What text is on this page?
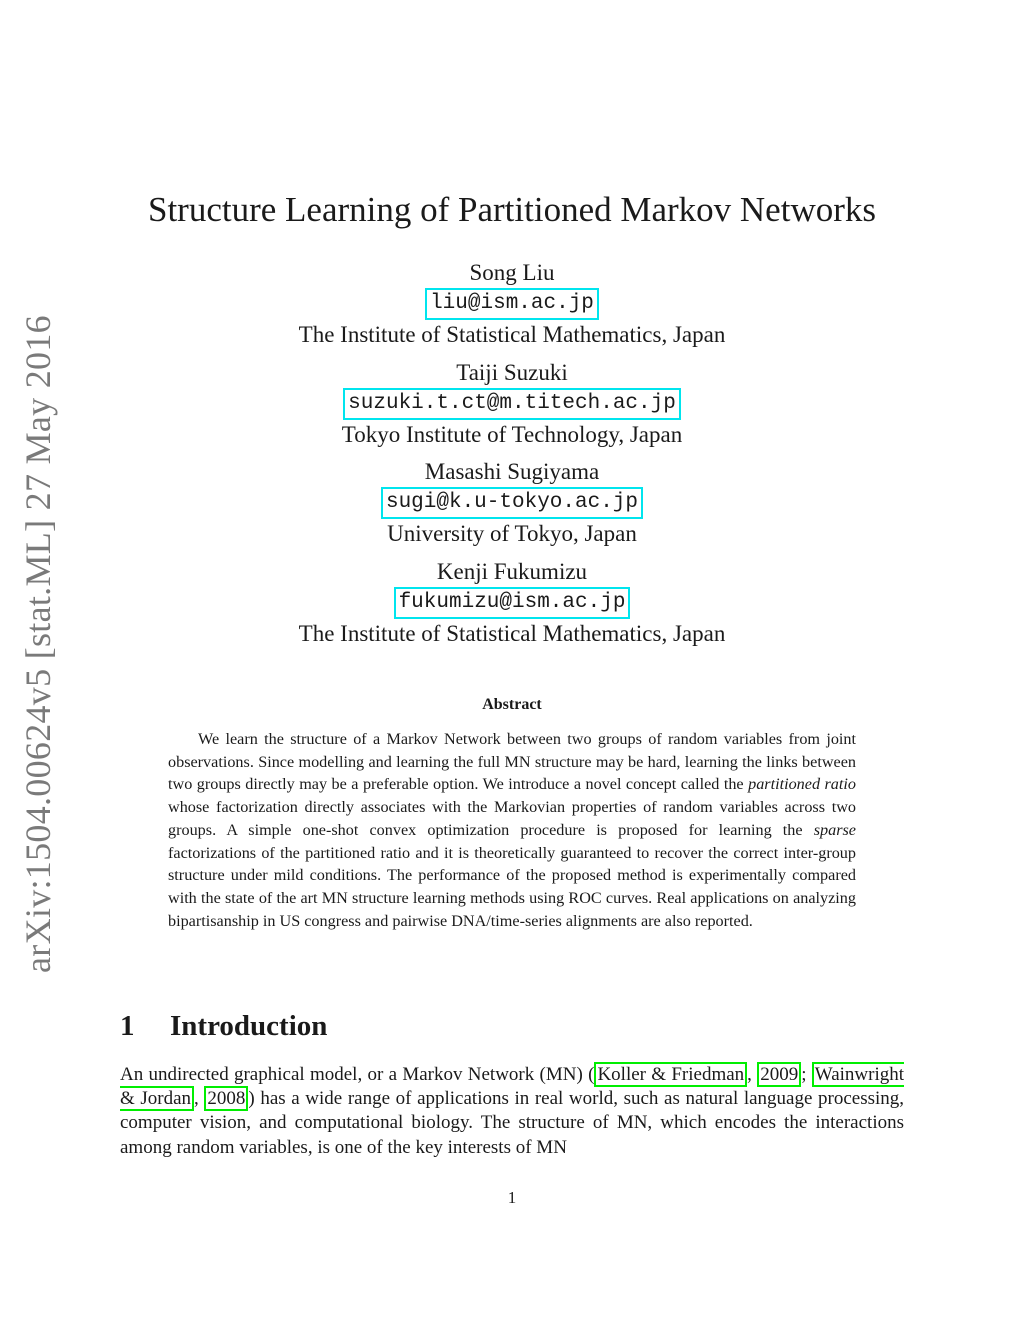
arXiv:1504.00624v5 [stat.ML] 27 May 2016
Structure Learning of Partitioned Markov Networks
Song Liu
liu@ism.ac.jp
The Institute of Statistical Mathematics, Japan
Taiji Suzuki
suzuki.t.ct@m.titech.ac.jp
Tokyo Institute of Technology, Japan
Masashi Sugiyama
sugi@k.u-tokyo.ac.jp
University of Tokyo, Japan
Kenji Fukumizu
fukumizu@ism.ac.jp
The Institute of Statistical Mathematics, Japan
Abstract

We learn the structure of a Markov Network between two groups of random variables from joint observations. Since modelling and learning the full MN structure may be hard, learning the links between two groups directly may be a preferable option. We introduce a novel concept called the partitioned ratio whose factorization directly associates with the Markovian properties of random variables across two groups. A simple one-shot convex optimization procedure is proposed for learning the sparse factorizations of the partitioned ratio and it is theoretically guaranteed to recover the correct inter-group structure under mild conditions. The performance of the proposed method is experimentally compared with the state of the art MN structure learning methods using ROC curves. Real applications on analyzing bipartisanship in US congress and pairwise DNA/time-series alignments are also reported.

1 Introduction

An undirected graphical model, or a Markov Network (MN) ( Koller & Friedman , 2009 ; Wainwright & Jordan , 2008 ) has a wide range of applications in real world, such as natural language processing, computer vision, and computational biology. The structure of MN, which encodes the interactions among random variables, is one of the key interests of MN

1
